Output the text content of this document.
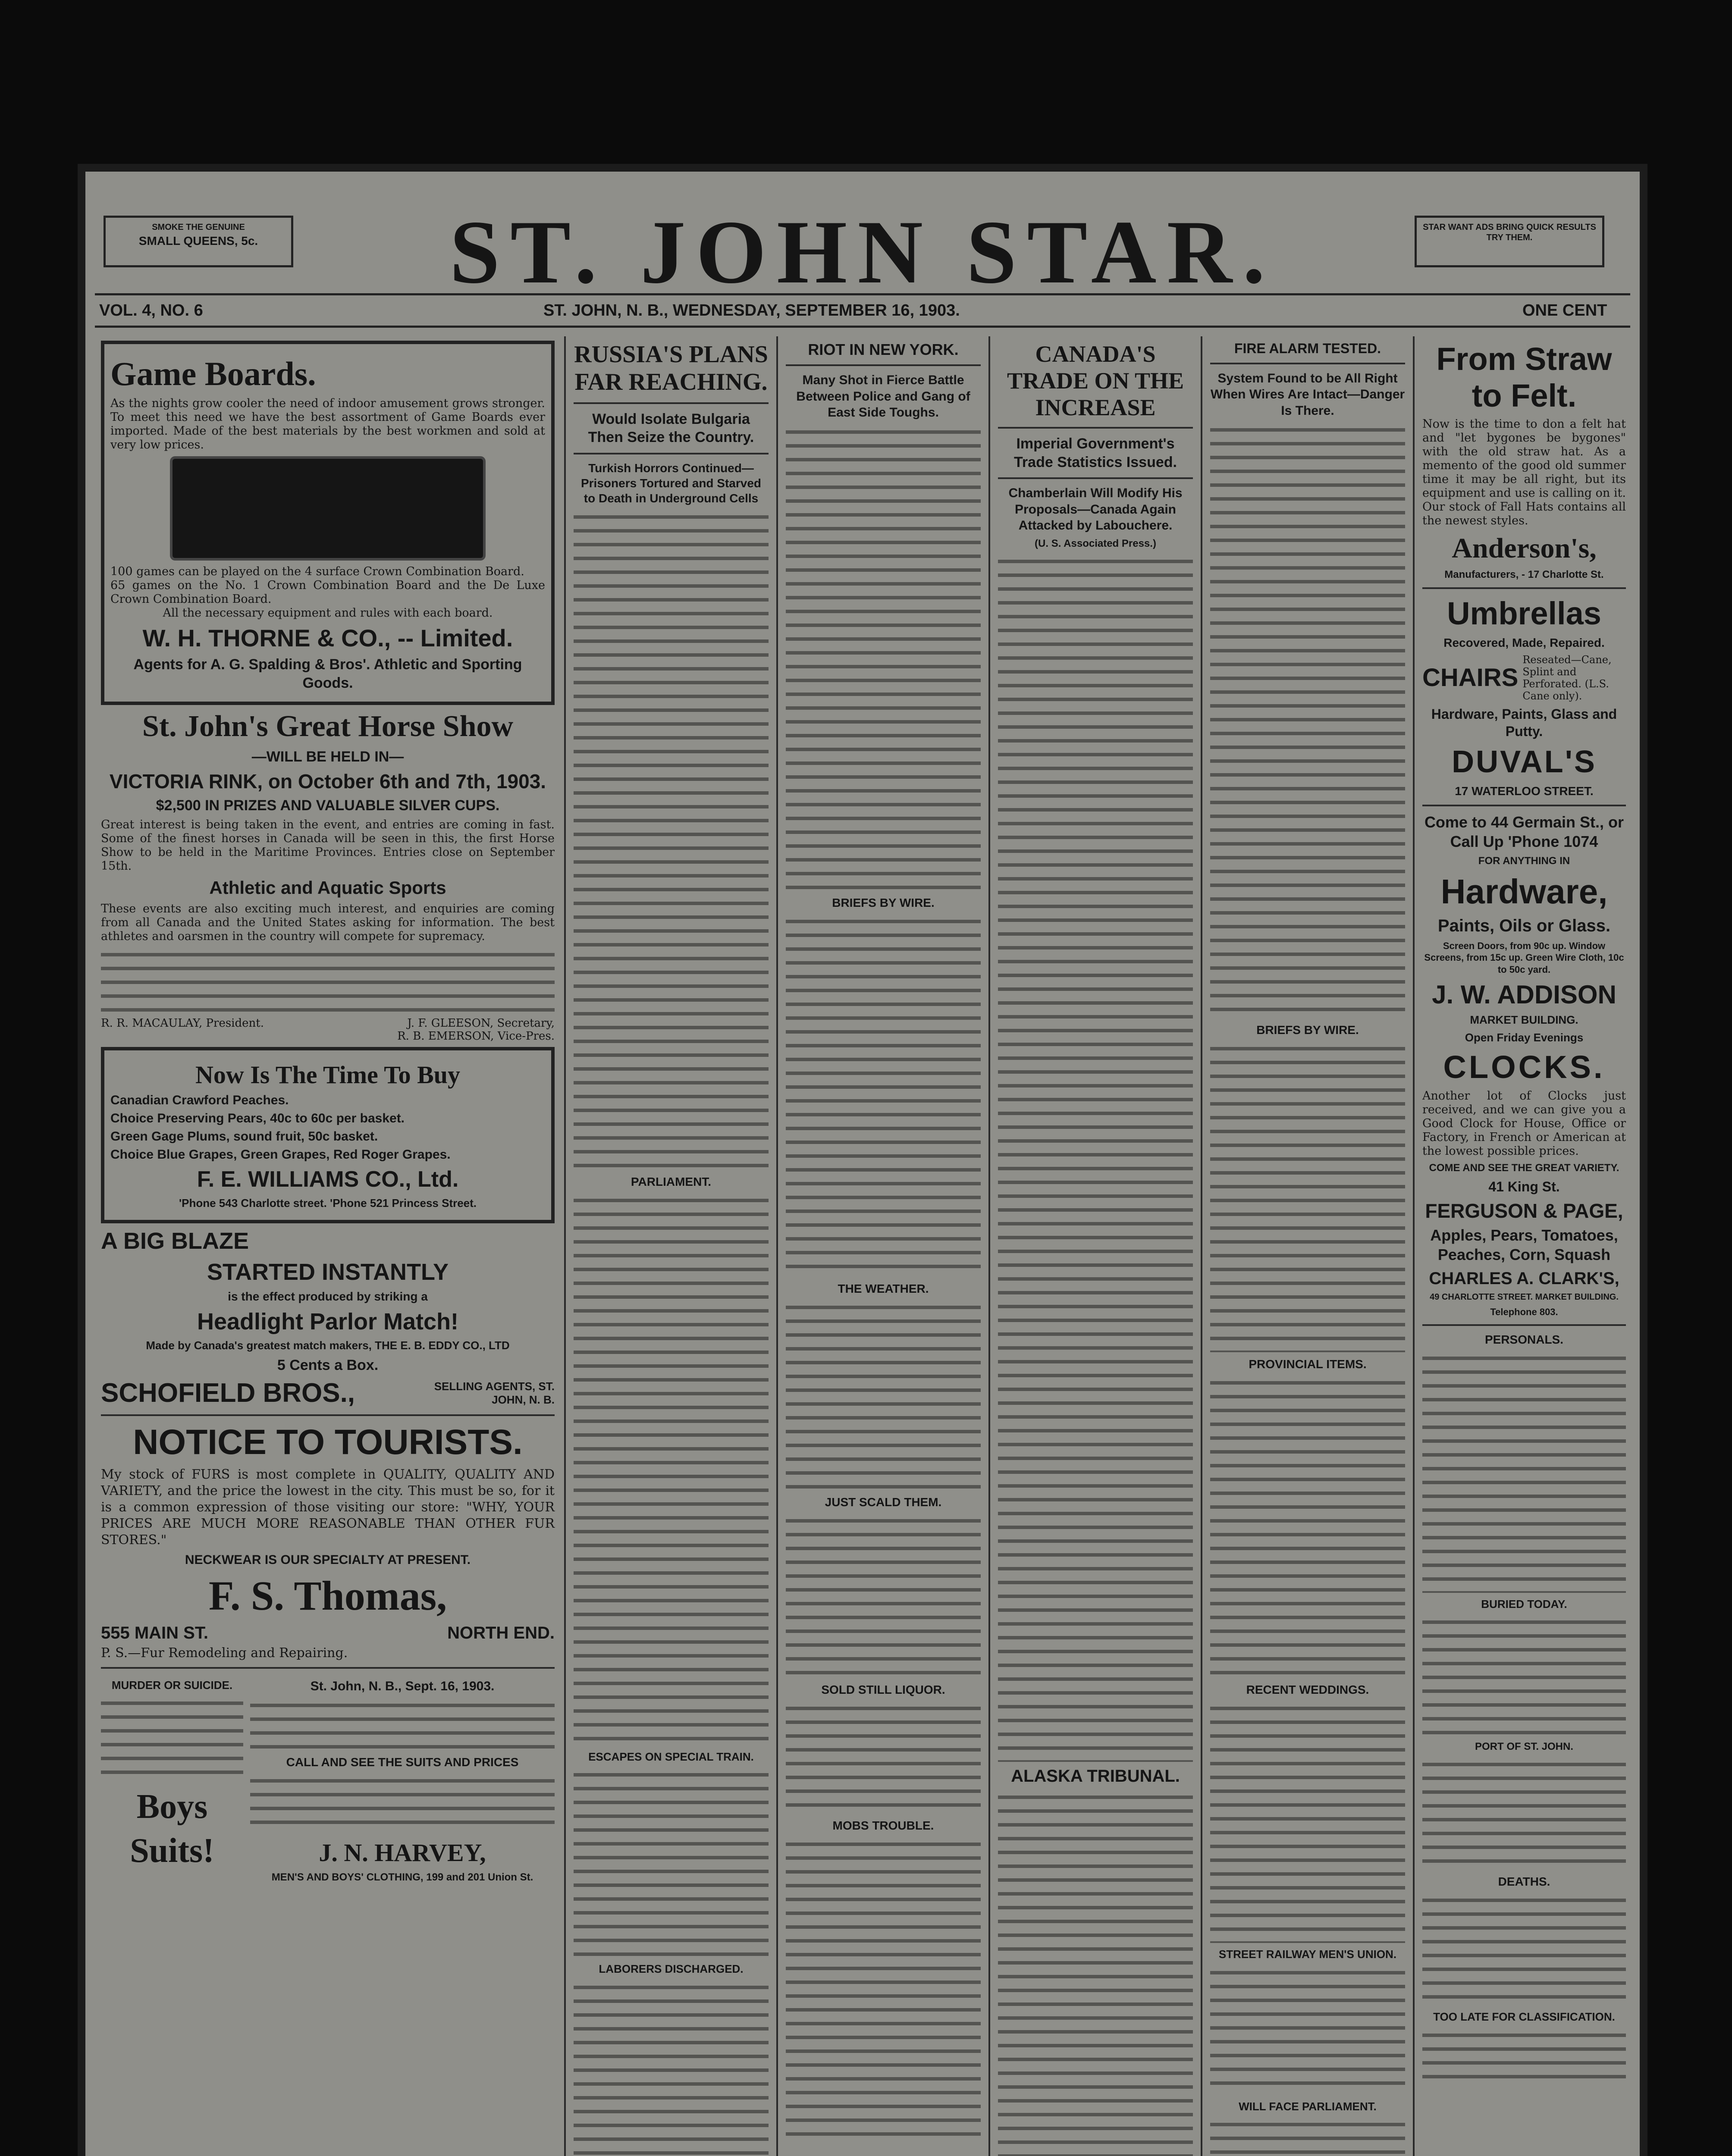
SMOKE THE GENUINE
SMALL QUEENS, 5c.	ST. JOHN STAR.	STAR WANT ADS BRING QUICK RESULTS TRY THEM.
VOL. 4, NO. 6	ST. JOHN, N. B., WEDNESDAY, SEPTEMBER 16, 1903.	ONE CENT
Game Boards.

As the nights grow cooler the need of indoor amusement grows stronger. To meet this need we have the best assortment of Game Boards ever imported. Made of the best materials by the best workmen and sold at very low prices.

100 games can be played on the 4 surface Crown Combination Board.

65 games on the No. 1 Crown Combination Board and the De Luxe Crown Combination Board.

All the necessary equipment and rules with each board.

W. H. THORNE & CO., -- Limited.
Agents for A. G. Spalding & Bros'. Athletic and Sporting Goods.
St. John's Great Horse Show
—WILL BE HELD IN—
VICTORIA RINK, on October 6th and 7th, 1903.
$2,500 IN PRIZES AND VALUABLE SILVER CUPS.

Great interest is being taken in the event, and entries are coming in fast. Some of the finest horses in Canada will be seen in this, the first Horse Show to be held in the Maritime Provinces. Entries close on September 15th.

Athletic and Aquatic Sports

These events are also exciting much interest, and enquiries are coming from all Canada and the United States asking for information. The best athletes and oarsmen in the country will compete for supremacy.

R. R. MACAULAY, President.	J. F. GLEESON, Secretary,
R. B. EMERSON, Vice-Pres.
Now Is The Time To Buy
Canadian Crawford Peaches.
Choice Preserving Pears, 40c to 60c per basket.
Green Gage Plums, sound fruit, 50c basket.
Choice Blue Grapes, Green Grapes, Red Roger Grapes.
F. E. WILLIAMS CO., Ltd.
'Phone 543 Charlotte street. 'Phone 521 Princess Street.
A BIG BLAZE
STARTED INSTANTLY
is the effect produced by striking a
Headlight Parlor Match!
Made by Canada's greatest match makers, THE E. B. EDDY CO., LTD
5 Cents a Box.
SCHOFIELD BROS.,	SELLING AGENTS, ST. JOHN, N. B.
NOTICE TO TOURISTS.

My stock of FURS is most complete in QUALITY, QUALITY AND VARIETY, and the price the lowest in the city. This must be so, for it is a common expression of those visiting our store: "WHY, YOUR PRICES ARE MUCH MORE REASONABLE THAN OTHER FUR STORES."

NECKWEAR IS OUR SPECIALTY AT PRESENT.
F. S. Thomas,
555 MAIN ST.	NORTH END.
P. S.—Fur Remodeling and Repairing.
MURDER OR SUICIDE.
Boys
Suits!
St. John, N. B., Sept. 16, 1903.
CALL AND SEE THE SUITS AND PRICES
J. N. HARVEY,
MEN'S AND BOYS' CLOTHING, 199 and 201 Union St.
RUSSIA'S PLANS FAR REACHING.
Would Isolate Bulgaria Then Seize the Country.
Turkish Horrors Continued—Prisoners Tortured and Starved to Death in Underground Cells
PARLIAMENT.
ESCAPES ON SPECIAL TRAIN.
LABORERS DISCHARGED.
RIOT IN NEW YORK.
Many Shot in Fierce Battle Between Police and Gang of East Side Toughs.
BRIEFS BY WIRE.
THE WEATHER.
JUST SCALD THEM.
SOLD STILL LIQUOR.
MOBS TROUBLE.
CANADA'S TRADE ON THE INCREASE
Imperial Government's Trade Statistics Issued.
Chamberlain Will Modify His Proposals—Canada Again Attacked by Labouchere.
(U. S. Associated Press.)
ALASKA TRIBUNAL.
FIRE ALARM TESTED.
System Found to be All Right When Wires Are Intact—Danger Is There.
BRIEFS BY WIRE.
PROVINCIAL ITEMS.
RECENT WEDDINGS.
STREET RAILWAY MEN'S UNION.
WILL FACE PARLIAMENT.
From Straw
to Felt.

Now is the time to don a felt hat and "let bygones be bygones" with the old straw hat. As a memento of the good old summer time it may be all right, but its equipment and use is calling on it. Our stock of Fall Hats contains all the newest styles.

Anderson's,
Manufacturers, - 17 Charlotte St.
Umbrellas
Recovered, Made, Repaired.
CHAIRS
Reseated—Cane, Splint and Perforated. (L.S. Cane only).
Hardware, Paints, Glass and Putty.
DUVAL'S
17 WATERLOO STREET.
Come to 44 Germain St., or Call Up 'Phone 1074
FOR ANYTHING IN
Hardware,
Paints, Oils or Glass.
Screen Doors, from 90c up. Window Screens, from 15c up. Green Wire Cloth, 10c to 50c yard.
J. W. ADDISON
MARKET BUILDING.
Open Friday Evenings
CLOCKS.

Another lot of Clocks just received, and we can give you a Good Clock for House, Office or Factory, in French or American at the lowest possible prices.

COME AND SEE THE GREAT VARIETY.
41 King St.
FERGUSON & PAGE,
Apples, Pears, Tomatoes, Peaches, Corn, Squash
CHARLES A. CLARK'S,
49 CHARLOTTE STREET. MARKET BUILDING.
Telephone 803.
PERSONALS.
BURIED TODAY.
PORT OF ST. JOHN.
DEATHS.
TOO LATE FOR CLASSIFICATION.
